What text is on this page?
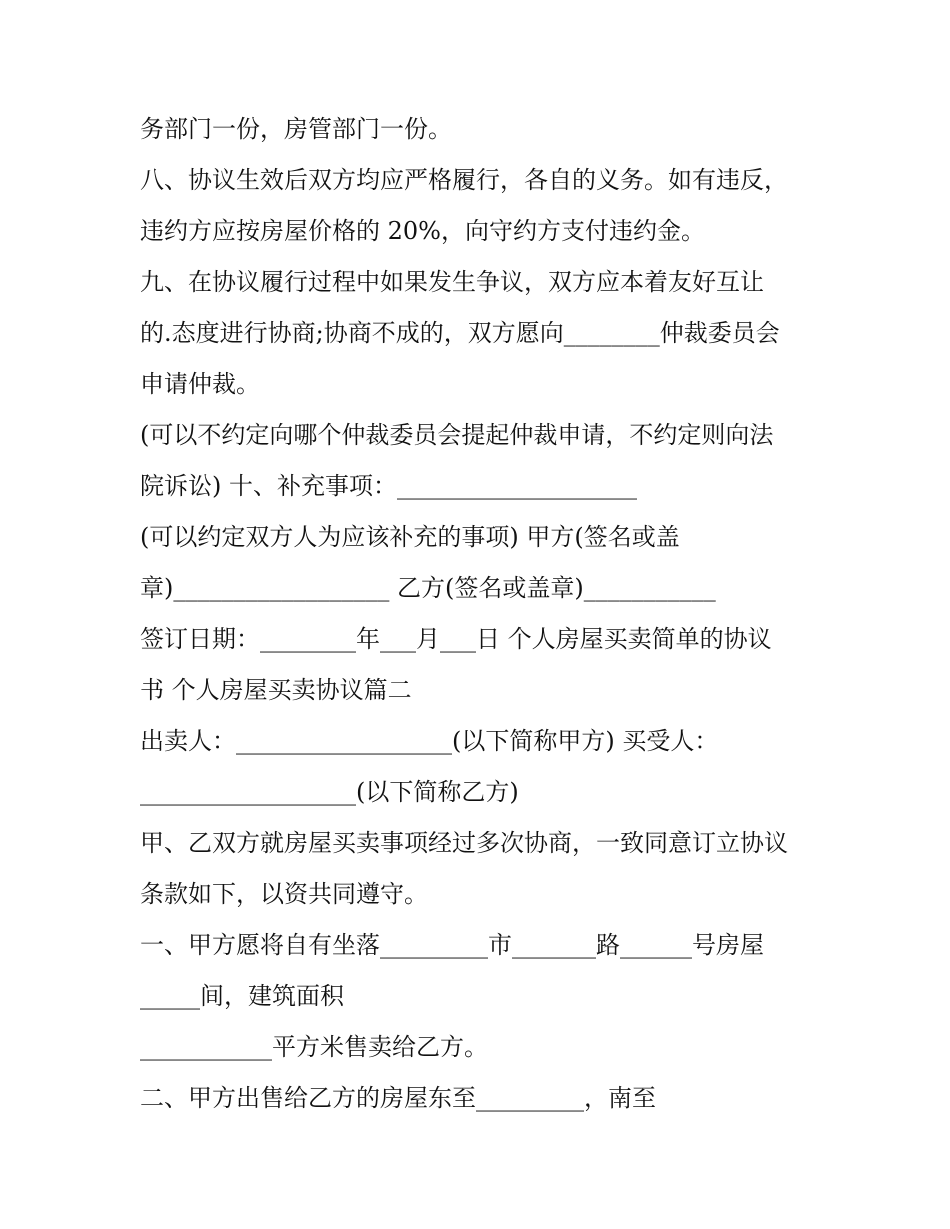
务部门一份，房管部门一份。
八、协议生效后双方均应严格履行，各自的义务。如有违反，
违约方应按房屋价格的 20%，向守约方支付违约金。
九、在协议履行过程中如果发生争议，双方应本着友好互让
的.态度进行协商;协商不成的，双方愿向________仲裁委员会
申请仲裁。
(可以不约定向哪个仲裁委员会提起仲裁申请，不约定则向法
院诉讼) 十、补充事项：____________________
(可以约定双方人为应该补充的事项) 甲方(签名或盖
章)__________________ 乙方(签名或盖章)___________
签订日期：________年___月___日 个人房屋买卖简单的协议
书 个人房屋买卖协议篇二
出卖人：__________________(以下简称甲方) 买受人：
__________________(以下简称乙方)
甲、乙双方就房屋买卖事项经过多次协商，一致同意订立协议
条款如下，以资共同遵守。
一、甲方愿将自有坐落_________市_______路______号房屋
_____间，建筑面积
___________平方米售卖给乙方。
二、甲方出售给乙方的房屋东至_________，南至
